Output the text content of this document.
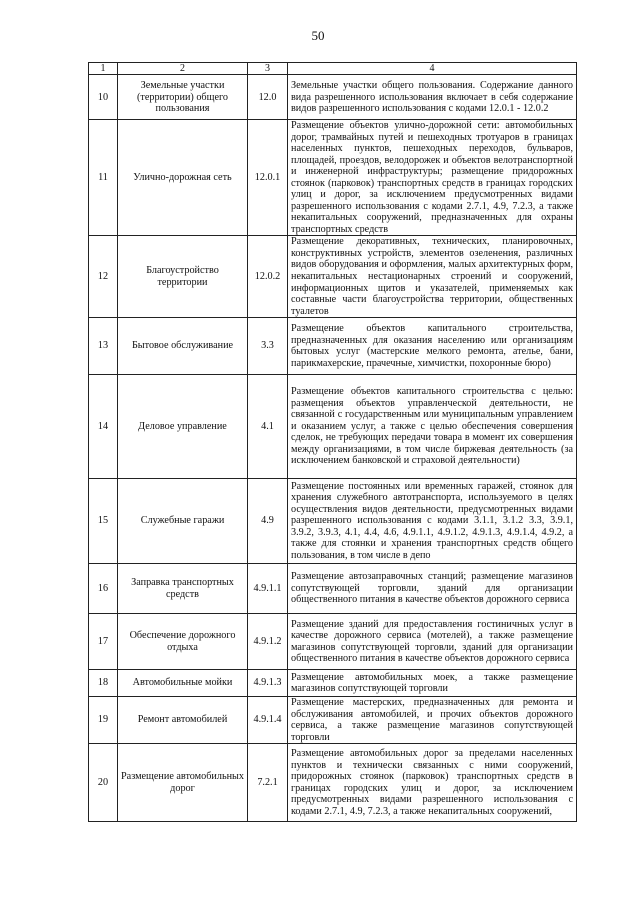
50
1	2	3	4
10	Земельные участки (территории) общего пользования	12.0	Земельные участки общего пользования. Содержание данного вида разрешенного использования включает в себя содержание видов разрешенного использования с кодами 12.0.1 - 12.0.2
11	Улично-дорожная сеть	12.0.1	Размещение объектов улично-дорожной сети: автомобильных дорог, трамвайных путей и пешеходных тротуаров в границах населенных пунктов, пешеходных переходов, бульваров, площадей, проездов, велодорожек и объектов велотранспортной и инженерной инфраструктуры; размещение придорожных стоянок (парковок) транспортных средств в границах городских улиц и дорог, за исключением предусмотренных видами разрешенного использования с кодами 2.7.1, 4.9, 7.2.3, а также некапитальных сооружений, предназначенных для охраны транспортных средств
12	Благоустройство территории	12.0.2	Размещение декоративных, технических, планировочных, конструктивных устройств, элементов озеленения, различных видов оборудования и оформления, малых архитектурных форм, некапитальных нестационарных строений и сооружений, информационных щитов и указателей, применяемых как составные части благоустройства территории, общественных туалетов
13	Бытовое обслуживание	3.3	Размещение объектов капитального строительства, предназначенных для оказания населению или организациям бытовых услуг (мастерские мелкого ремонта, ателье, бани, парикмахерские, прачечные, химчистки, похоронные бюро)
14	Деловое управление	4.1	Размещение объектов капитального строительства с целью: размещения объектов управленческой деятельности, не связанной с государственным или муниципальным управлением и оказанием услуг, а также с целью обеспечения совершения сделок, не требующих передачи товара в момент их совершения между организациями, в том числе биржевая деятельность (за исключением банковской и страховой деятельности)
15	Служебные гаражи	4.9	Размещение постоянных или временных гаражей, стоянок для хранения служебного автотранспорта, используемого в целях осуществления видов деятельности, предусмотренных видами разрешенного использования с кодами 3.1.1, 3.1.2 3.3, 3.9.1, 3.9.2, 3.9.3, 4.1, 4.4, 4.6, 4.9.1.1, 4.9.1.2, 4.9.1.3, 4.9.1.4, 4.9.2, а также для стоянки и хранения транспортных средств общего пользования, в том числе в депо
16	Заправка транспортных средств	4.9.1.1	Размещение автозаправочных станций; размещение магазинов сопутствующей торговли, зданий для организации общественного питания в качестве объектов дорожного сервиса
17	Обеспечение дорожного отдыха	4.9.1.2	Размещение зданий для предоставления гостиничных услуг в качестве дорожного сервиса (мотелей), а также размещение магазинов сопутствующей торговли, зданий для организации общественного питания в качестве объектов дорожного сервиса
18	Автомобильные мойки	4.9.1.3	Размещение автомобильных моек, а также размещение магазинов сопутствующей торговли
19	Ремонт автомобилей	4.9.1.4	Размещение мастерских, предназначенных для ремонта и обслуживания автомобилей, и прочих объектов дорожного сервиса, а также размещение магазинов сопутствующей торговли
20	Размещение автомобильных дорог	7.2.1	Размещение автомобильных дорог за пределами населенных пунктов и технически связанных с ними сооружений, придорожных стоянок (парковок) транспортных средств в границах городских улиц и дорог, за исключением предусмотренных видами разрешенного использования с кодами 2.7.1, 4.9, 7.2.3, а также некапитальных сооружений,
